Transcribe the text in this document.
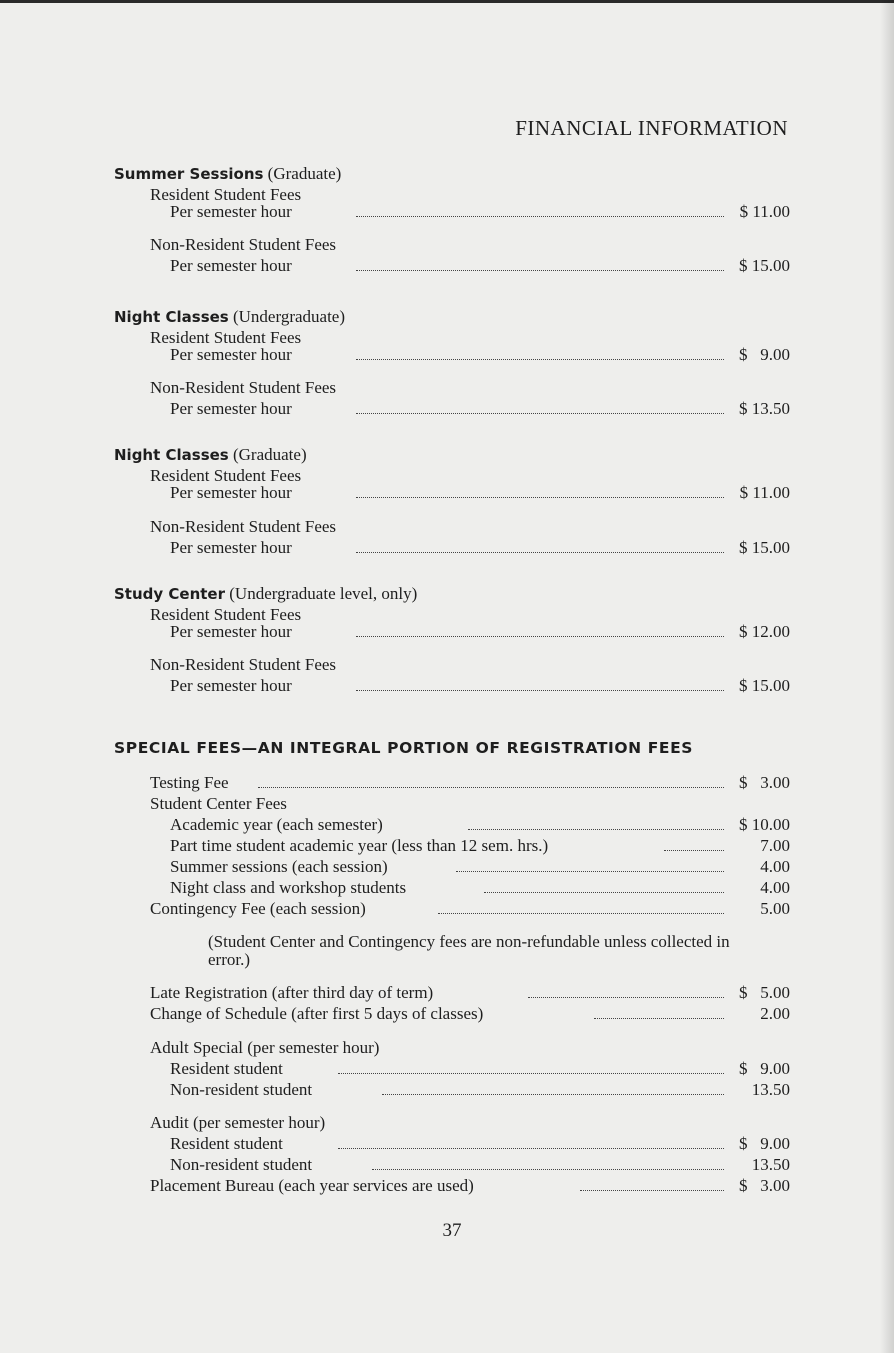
FINANCIAL INFORMATION
Summer Sessions (Graduate)
Resident Student Fees
Per semester hour	$ 11.00
Non-Resident Student Fees
Per semester hour	$ 15.00
Night Classes (Undergraduate)
Resident Student Fees
Per semester hour	$   9.00
Non-Resident Student Fees
Per semester hour	$ 13.50
Night Classes (Graduate)
Resident Student Fees
Per semester hour	$ 11.00
Non-Resident Student Fees
Per semester hour	$ 15.00
Study Center (Undergraduate level, only)
Resident Student Fees
Per semester hour	$ 12.00
Non-Resident Student Fees
Per semester hour	$ 15.00
SPECIAL FEES—AN INTEGRAL PORTION OF REGISTRATION FEES
Testing Fee	$   3.00
Student Center Fees
Academic year (each semester)	$ 10.00
Part time student academic year (less than 12 sem. hrs.)	7.00
Summer sessions (each session)	4.00
Night class and workshop students	4.00
Contingency Fee (each session)	5.00
(Student Center and Contingency fees are non-refundable unless collected in error.)
Late Registration (after third day of term)	$   5.00
Change of Schedule (after first 5 days of classes)	2.00
Adult Special (per semester hour)
Resident student	$   9.00
Non-resident student	13.50
Audit (per semester hour)
Resident student	$   9.00
Non-resident student	13.50
Placement Bureau (each year services are used)	$   3.00
37
